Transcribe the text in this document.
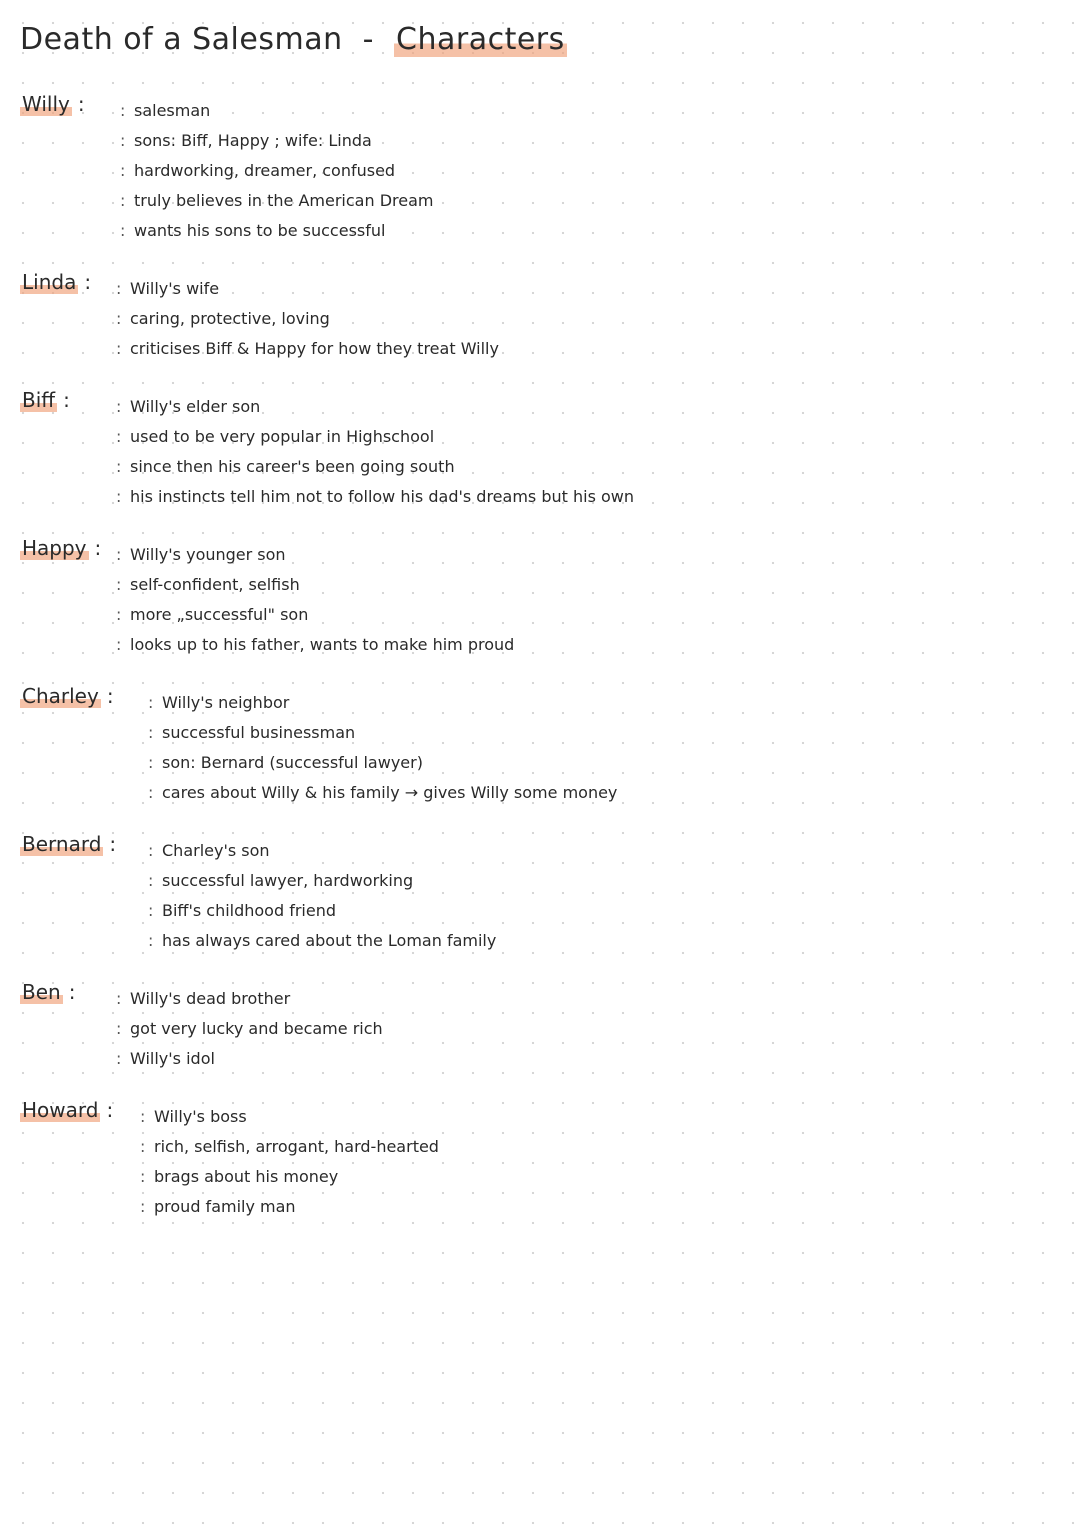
Death of a Salesman - Characters
Willy :	: salesman
: sons: Biff, Happy ; wife: Linda
: hardworking, dreamer, confused
: truly believes in the American Dream
: wants his sons to be successful
Linda :	: Willy's wife
: caring, protective, loving
: criticises Biff & Happy for how they treat Willy
Biff :	: Willy's elder son
: used to be very popular in Highschool
: since then his career's been going south
: his instincts tell him not to follow his dad's dreams but his own
Happy :	: Willy's younger son
: self-confident, selfish
: more „successful" son
: looks up to his father, wants to make him proud
Charley :	: Willy's neighbor
: successful businessman
: son: Bernard (successful lawyer)
: cares about Willy & his family → gives Willy some money
Bernard :	: Charley's son
: successful lawyer, hardworking
: Biff's childhood friend
: has always cared about the Loman family
Ben :	: Willy's dead brother
: got very lucky and became rich
: Willy's idol
Howard :	: Willy's boss
: rich, selfish, arrogant, hard-hearted
: brags about his money
: proud family man
